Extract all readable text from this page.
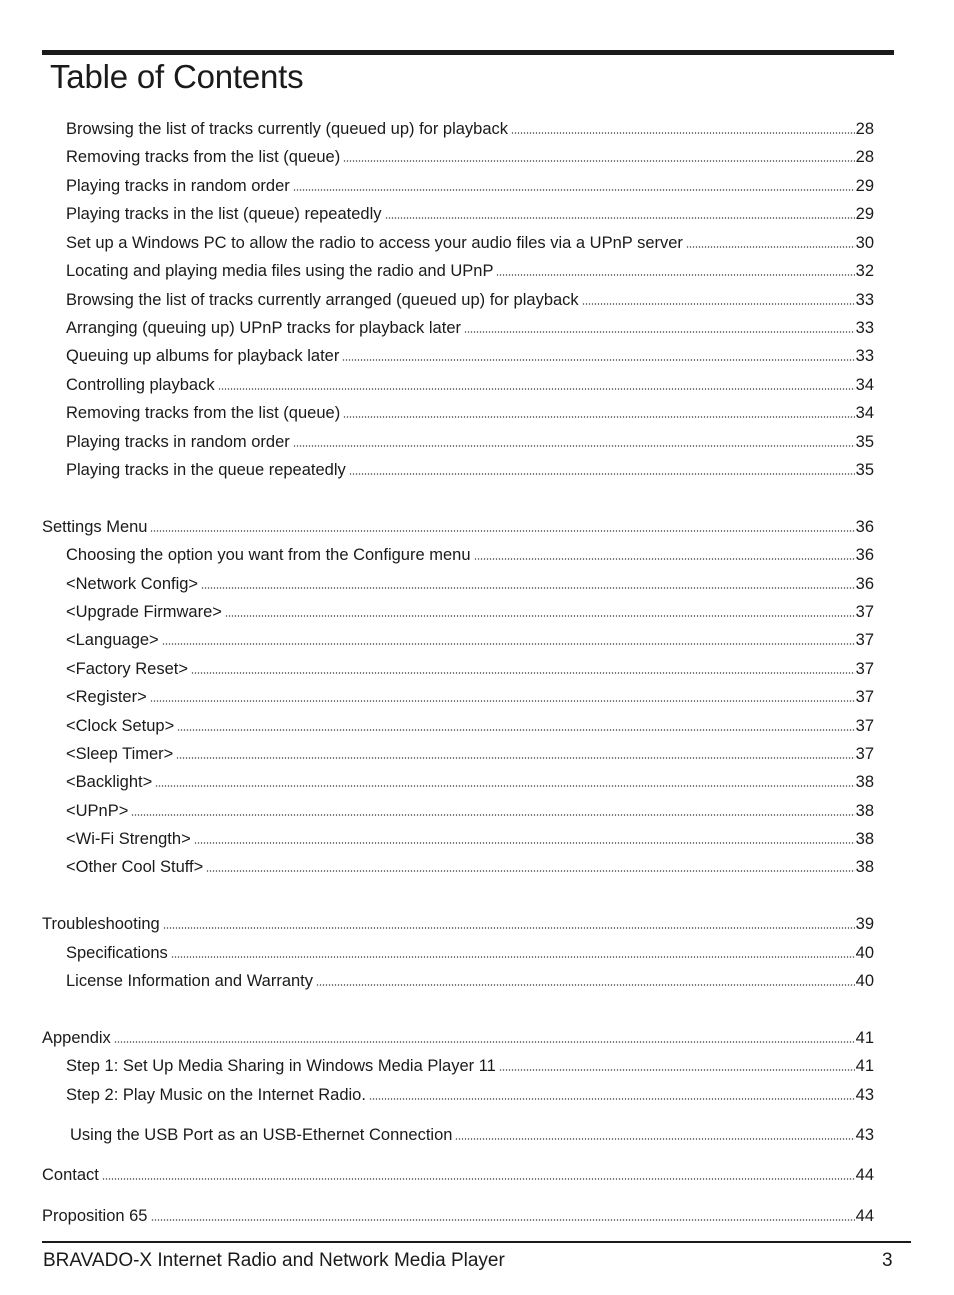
Table of Contents
Browsing the list of tracks currently (queued up) for playback	28
Removing tracks from the list (queue)	28
Playing tracks in random order	29
Playing tracks in the list (queue) repeatedly	29
Set up a Windows PC to allow the radio to access your audio files via a UPnP server	30
Locating and playing media files using the radio and UPnP	32
Browsing the list of tracks currently arranged (queued up) for playback	33
Arranging (queuing up) UPnP tracks for playback later	33
Queuing up albums for playback later	33
Controlling playback	34
Removing tracks from the list (queue)	34
Playing tracks in random order	35
Playing tracks in the queue repeatedly	35
Settings Menu	36
Choosing the option you want from the Configure menu	36
<Network Config>	36
<Upgrade Firmware>	37
<Language>	37
<Factory Reset>	37
<Register>	37
<Clock Setup>	37
<Sleep Timer>	37
<Backlight>	38
<UPnP>	38
<Wi-Fi Strength>	38
<Other Cool Stuff>	38
Troubleshooting	39
Specifications	40
License Information and Warranty	40
Appendix	41
Step 1: Set Up Media Sharing in Windows Media Player 11	41
Step 2: Play Music on the Internet Radio.	43
Using the USB Port as an USB-Ethernet Connection	43
Contact	44
Proposition 65	44
BRAVADO-X Internet Radio and Network Media Player	3
